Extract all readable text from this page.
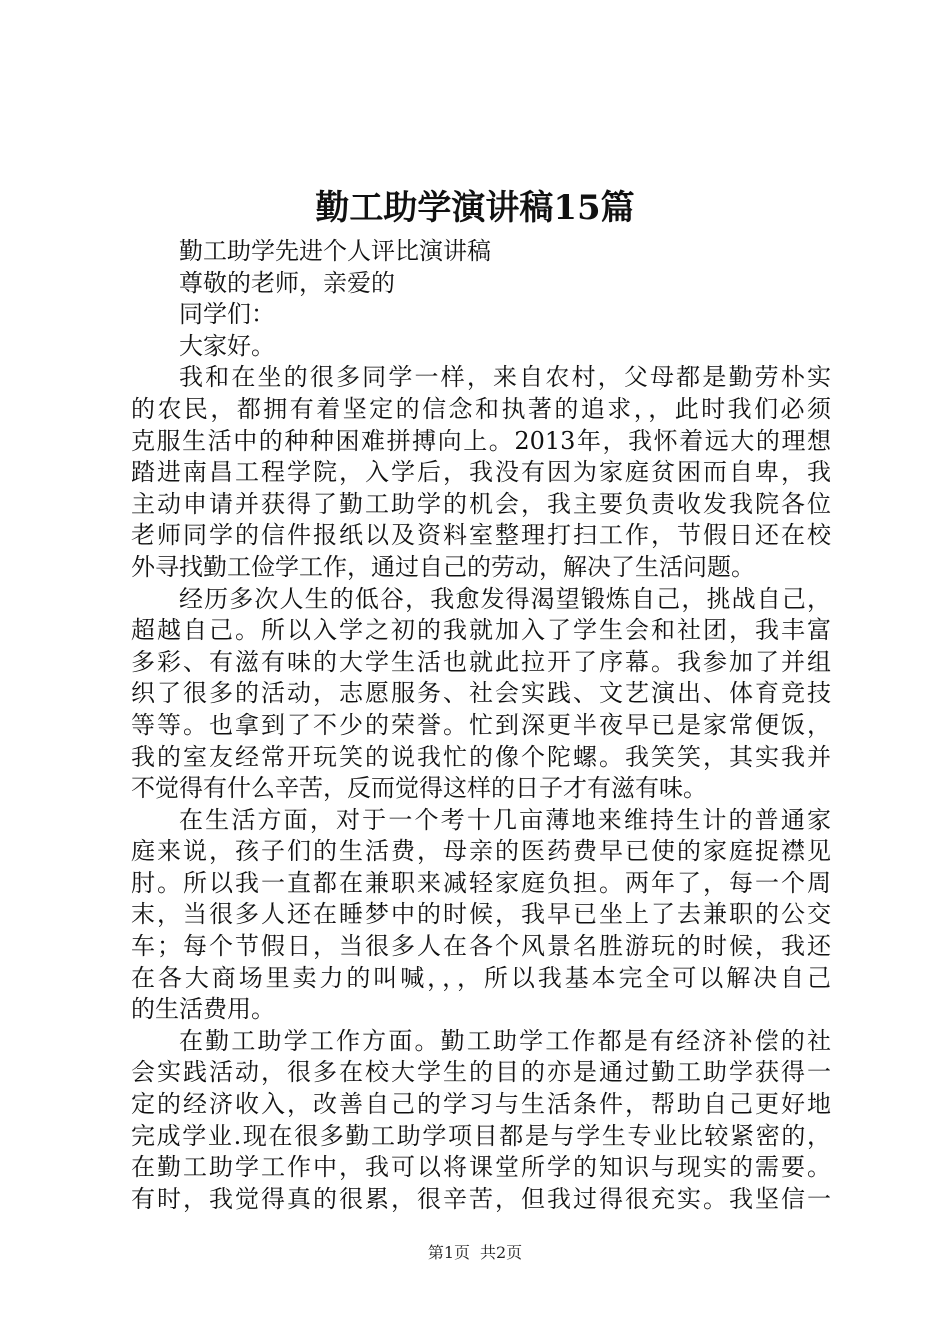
勤工助学演讲稿15篇
勤工助学先进个人评比演讲稿
尊敬的老师，亲爱的
同学们：
大家好。
我和在坐的很多同学一样，来自农村，父母都是勤劳朴实
的农民，都拥有着坚定的信念和执著的追求，，此时我们必须
克服生活中的种种困难拼搏向上。2013年，我怀着远大的理想
踏进南昌工程学院，入学后，我没有因为家庭贫困而自卑，我
主动申请并获得了勤工助学的机会，我主要负责收发我院各位
老师同学的信件报纸以及资料室整理打扫工作，节假日还在校
外寻找勤工俭学工作，通过自己的劳动，解决了生活问题。
经历多次人生的低谷，我愈发得渴望锻炼自己，挑战自己，
超越自己。所以入学之初的我就加入了学生会和社团，我丰富
多彩、有滋有味的大学生活也就此拉开了序幕。我参加了并组
织了很多的活动，志愿服务、社会实践、文艺演出、体育竞技
等等。也拿到了不少的荣誉。忙到深更半夜早已是家常便饭，
我的室友经常开玩笑的说我忙的像个陀螺。我笑笑，其实我并
不觉得有什么辛苦，反而觉得这样的日子才有滋有味。
在生活方面，对于一个考十几亩薄地来维持生计的普通家
庭来说，孩子们的生活费，母亲的医药费早已使的家庭捉襟见
肘。所以我一直都在兼职来减轻家庭负担。两年了，每一个周
末，当很多人还在睡梦中的时候，我早已坐上了去兼职的公交
车；每个节假日，当很多人在各个风景名胜游玩的时候，我还
在各大商场里卖力的叫喊，，，所以我基本完全可以解决自己
的生活费用。
在勤工助学工作方面。勤工助学工作都是有经济补偿的社
会实践活动，很多在校大学生的目的亦是通过勤工助学获得一
定的经济收入，改善自己的学习与生活条件，帮助自己更好地
完成学业.现在很多勤工助学项目都是与学生专业比较紧密的，
在勤工助学工作中，我可以将课堂所学的知识与现实的需要。
有时，我觉得真的很累，很辛苦，但我过得很充实。我坚信一
第1页 共2页
